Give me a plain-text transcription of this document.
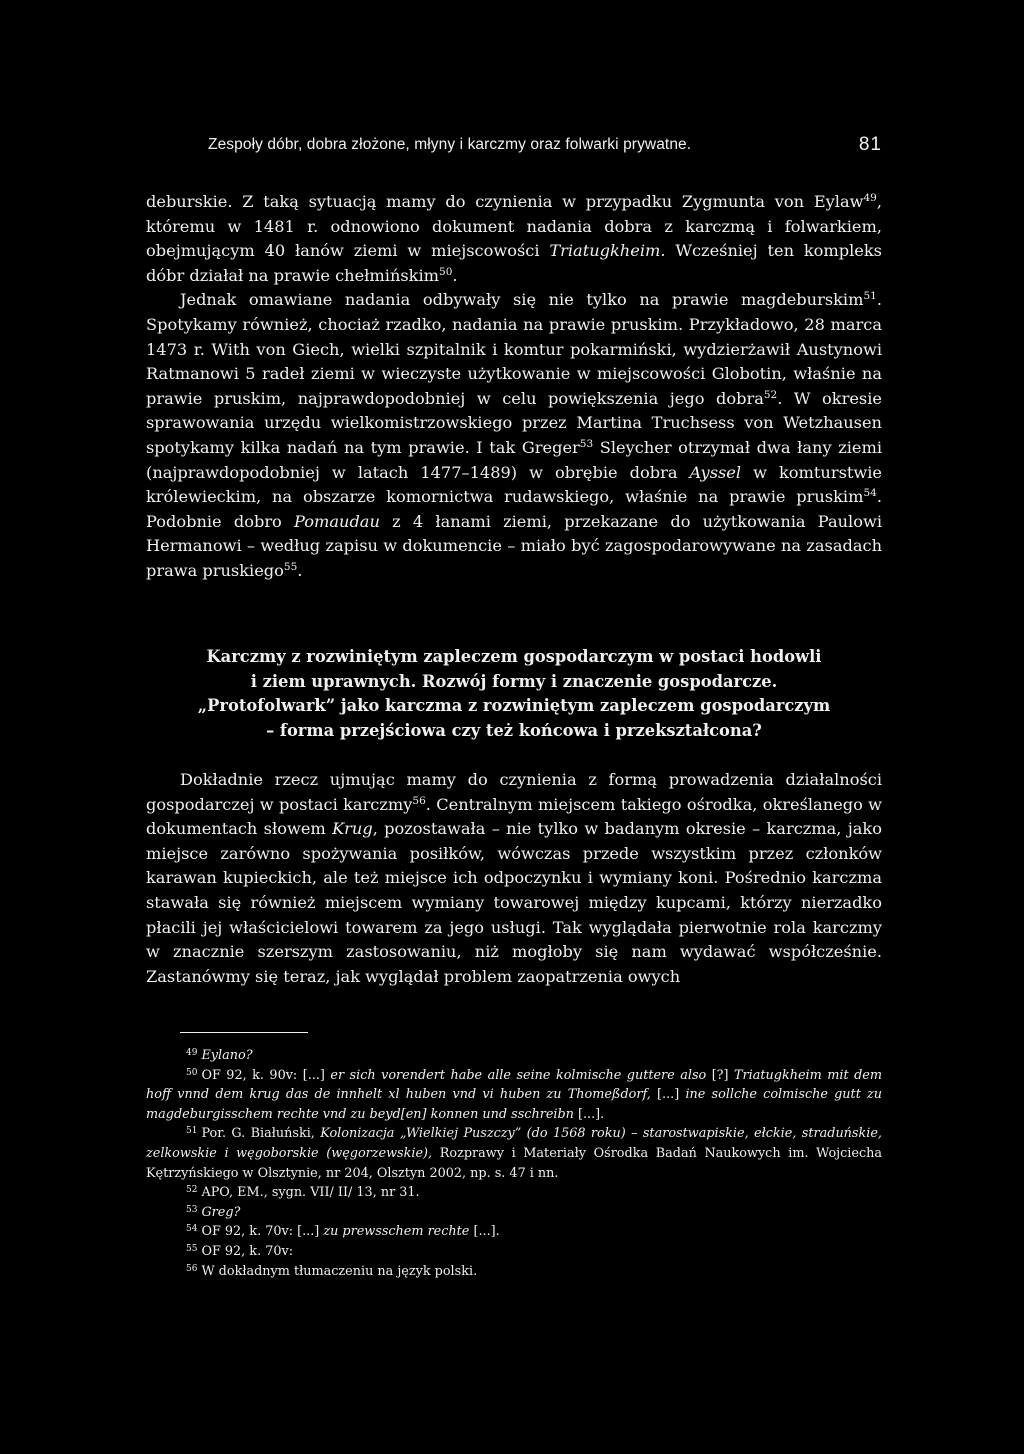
Zespoły dóbr, dobra złożone, młyny i karczmy oraz folwarki prywatne.	81

deburskie. Z taką sytuacją mamy do czynienia w przypadku Zygmunta von Eylaw$^{49}$, któremu w 1481 r. odnowiono dokument nadania dobra z karczmą i folwarkiem, obejmującym 40 łanów ziemi w miejscowości Triatugkheim. Wcześniej ten kompleks dóbr działał na prawie chełmińskim$^{50}$.

Jednak omawiane nadania odbywały się nie tylko na prawie magdeburskim$^{51}$. Spotykamy również, chociaż rzadko, nadania na prawie pruskim. Przykładowo, 28 marca 1473 r. With von Giech, wielki szpitalnik i komtur pokarmiński, wydzierżawił Austynowi Ratmanowi 5 radeł ziemi w wieczyste użytkowanie w miejscowości Globotin, właśnie na prawie pruskim, najprawdopodobniej w celu powiększenia jego dobra$^{52}$. W okresie sprawowania urzędu wielkomistrzowskiego przez Martina Truchsess von Wetzhausen spotykamy kilka nadań na tym prawie. I tak Greger$^{53}$ Sleycher otrzymał dwa łany ziemi (najprawdopodobniej w latach 1477–1489) w obrębie dobra Ayssel w komturstwie królewieckim, na obszarze komornictwa rudawskiego, właśnie na prawie pruskim$^{54}$. Podobnie dobro Pomaudau z 4 łanami ziemi, przekazane do użytkowania Paulowi Hermanowi – według zapisu w dokumencie – miało być zagospodarowywane na zasadach prawa pruskiego$^{55}$.

Karczmy z rozwiniętym zapleczem gospodarczym w postaci hodowli
i ziem uprawnych. Rozwój formy i znaczenie gospodarcze.
„Protofolwark” jako karczma z rozwiniętym zapleczem gospodarczym
– forma przejściowa czy też końcowa i przekształcona?

Dokładnie rzecz ujmując mamy do czynienia z formą prowadzenia działalności gospodarczej w postaci karczmy$^{56}$. Centralnym miejscem takiego ośrodka, określanego w dokumentach słowem Krug, pozostawała – nie tylko w badanym okresie – karczma, jako miejsce zarówno spożywania posiłków, wówczas przede wszystkim przez członków karawan kupieckich, ale też miejsce ich odpoczynku i wymiany koni. Pośrednio karczma stawała się również miejscem wymiany towarowej między kupcami, którzy nierzadko płacili jej właścicielowi towarem za jego usługi. Tak wyglądała pierwotnie rola karczmy w znacznie szerszym zastosowaniu, niż mogłoby się nam wydawać współcześnie. Zastanówmy się teraz, jak wyglądał problem zaopatrzenia owych

$^{49}$ Eylano?

$^{50}$ OF 92, k. 90v: [...] er sich vorendert habe alle seine kolmische guttere also [?] Triatugkheim mit dem hoff vnnd dem krug das de innhelt xl huben vnd vi huben zu Thomeßdorf, [...] ine sollche colmische gutt zu magdeburgisschem rechte vnd zu beyd[en] konnen und sschreibn [...].

$^{51}$ Por. G. Białuński, Kolonizacja „Wielkiej Puszczy” (do 1568 roku) – starostwapiskie, ełckie, straduńskie, zelkowskie i węgoborskie (węgorzewskie), Rozprawy i Materiały Ośrodka Badań Naukowych im. Wojciecha Kętrzyńskiego w Olsztynie, nr 204, Olsztyn 2002, np. s. 47 i nn.

$^{52}$ APO, EM., sygn. VII/ II/ 13, nr 31.

$^{53}$ Greg?

$^{54}$ OF 92, k. 70v: [...] zu prewsschem rechte [...].

$^{55}$ OF 92, k. 70v:

$^{56}$ W dokładnym tłumaczeniu na język polski.
